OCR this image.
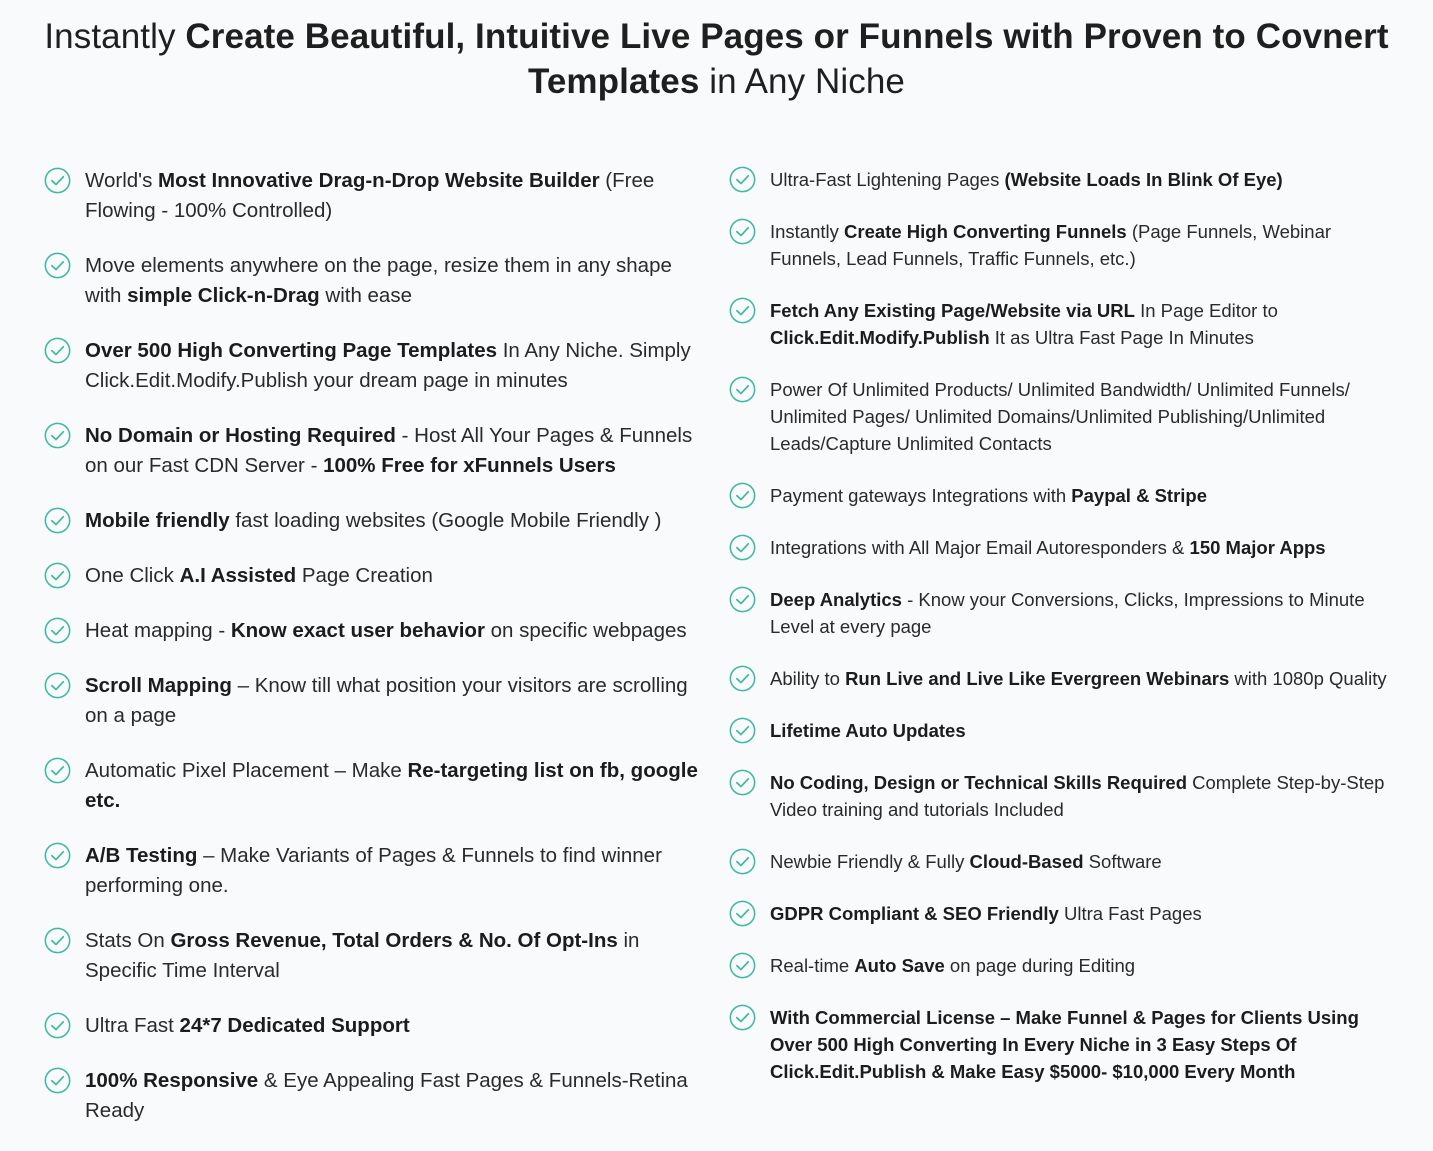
Instantly Create Beautiful, Intuitive Live Pages or Funnels with Proven to Covnert Templates in Any Niche
World's Most Innovative Drag-n-Drop Website Builder (Free Flowing - 100% Controlled)
Move elements anywhere on the page, resize them in any shape with simple Click-n-Drag with ease
Over 500 High Converting Page Templates In Any Niche. Simply Click.Edit.Modify.Publish your dream page in minutes
No Domain or Hosting Required - Host All Your Pages & Funnels on our Fast CDN Server - 100% Free for xFunnels Users
Mobile friendly fast loading websites (Google Mobile Friendly )
One Click A.I Assisted Page Creation
Heat mapping - Know exact user behavior on specific webpages
Scroll Mapping – Know till what position your visitors are scrolling on a page
Automatic Pixel Placement – Make Re-targeting list on fb, google etc.
A/B Testing – Make Variants of Pages & Funnels to find winner performing one.
Stats On Gross Revenue, Total Orders & No. Of Opt-Ins in Specific Time Interval
Ultra Fast 24*7 Dedicated Support
100% Responsive & Eye Appealing Fast Pages & Funnels-Retina Ready
Ultra-Fast Lightening Pages (Website Loads In Blink Of Eye)
Instantly Create High Converting Funnels (Page Funnels, Webinar Funnels, Lead Funnels, Traffic Funnels, etc.)
Fetch Any Existing Page/Website via URL In Page Editor to Click.Edit.Modify.Publish It as Ultra Fast Page In Minutes
Power Of Unlimited Products/ Unlimited Bandwidth/ Unlimited Funnels/ Unlimited Pages/ Unlimited Domains/Unlimited Publishing/Unlimited Leads/Capture Unlimited Contacts
Payment gateways Integrations with Paypal & Stripe
Integrations with All Major Email Autoresponders & 150 Major Apps
Deep Analytics - Know your Conversions, Clicks, Impressions to Minute Level at every page
Ability to Run Live and Live Like Evergreen Webinars with 1080p Quality
Lifetime Auto Updates
No Coding, Design or Technical Skills Required Complete Step-by-Step Video training and tutorials Included
Newbie Friendly & Fully Cloud-Based Software
GDPR Compliant & SEO Friendly Ultra Fast Pages
Real-time Auto Save on page during Editing
With Commercial License – Make Funnel & Pages for Clients Using Over 500 High Converting In Every Niche in 3 Easy Steps Of Click.Edit.Publish & Make Easy $5000- $10,000 Every Month
